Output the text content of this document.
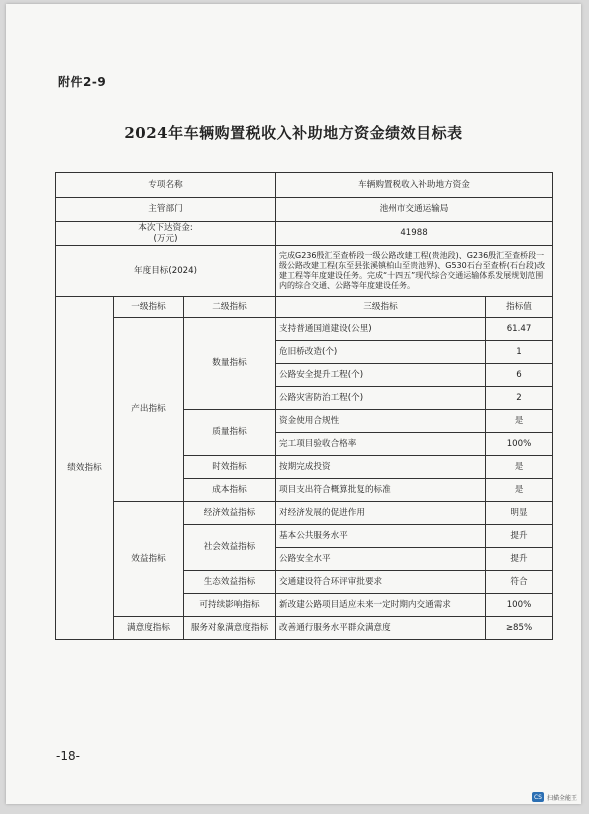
附件2-9
2024年车辆购置税收入补助地方资金绩效目标表
专项名称			车辆购置税收入补助地方资金	
主管部门			池州市交通运输局	

本次下达资金:
(万元)			41988	
年度目标(2024)			完成G236殷汇至查桥段一级公路改建工程(贵池段)、G236殷汇至查桥段一级公路改建工程(东至县张溪镇柏山至贵池界)、G530石台至查桥(石台段)改建工程等年度建设任务。完成“十四五”现代综合交通运输体系发展规划范围内的综合交通、公路等年度建设任务。	
绩效指标	一级指标	二级指标	三级指标	指标值
	产出指标	数量指标	支持普通国道建设(公里)	61.47
			危旧桥改造(个)	1
			公路安全提升工程(个)	6
			公路灾害防治工程(个)	2
		质量指标	资金使用合规性	是
			完工项目验收合格率	100%
		时效指标	按期完成投资	是
		成本指标	项目支出符合概算批复的标准	是
	效益指标	经济效益指标	对经济发展的促进作用	明显
		社会效益指标	基本公共服务水平	提升
			公路安全水平	提升
		生态效益指标	交通建设符合环评审批要求	符合
		可持续影响指标	新改建公路项目适应未来一定时期内交通需求	100%
	满意度指标	服务对象满意度指标	改善通行服务水平群众满意度	≥85%
-18-
CS 扫描全能王
